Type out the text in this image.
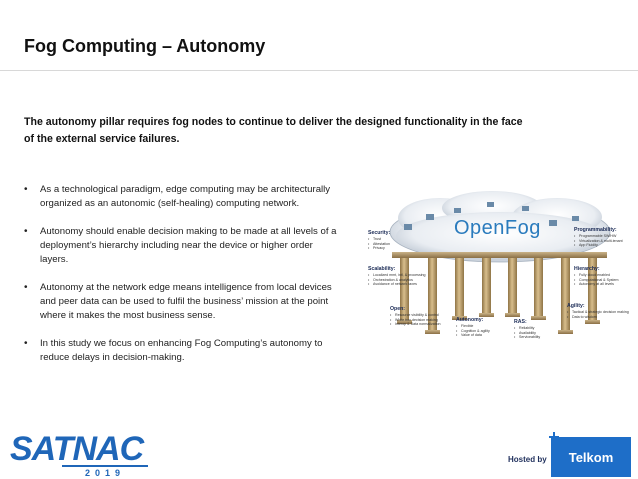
Fog Computing – Autonomy
The autonomy pillar requires fog nodes to continue to deliver the designed functionality in the face of the external service failures.
• As a technological paradigm, edge computing may be architecturally organized as an autonomic (self-healing) computing network.
• Autonomy should enable decision making to be made at all levels of a deployment’s hierarchy including near the device or higher order layers.
• Autonomy at the network edge means intelligence from local devices and peer data can be used to fulfil the business’ mission at the point where it makes the most business sense.
• In this study we focus on enhancing Fog Computing’s autonomy to reduce delays in decision-making.
OpenFog
Security:
• Trust
• Attestation
• Privacy
Scalability:
• Localized mmt, intl, & processing
• Orchestration & analytics
• Avoidance of network taxes
Open:
• Resource visibility & control
• White box decision making
• Interop & Data normalization
Autonomy:
• Flexible
• Cognition & agility
• Value of data
RAS:
• Reliability
• Availability
• Serviceability
Agility:
• Tactical & strategic decision making
• Data to wisdom
Hierarchy:
• Fully cloud enabled
• Computational & System
• Autonomy at all levels
Programmability:
• Programmable SW/HW
• Virtualization & multi-tenant
• App Fluidity
SATNAC
2019
Hosted by Telkom
